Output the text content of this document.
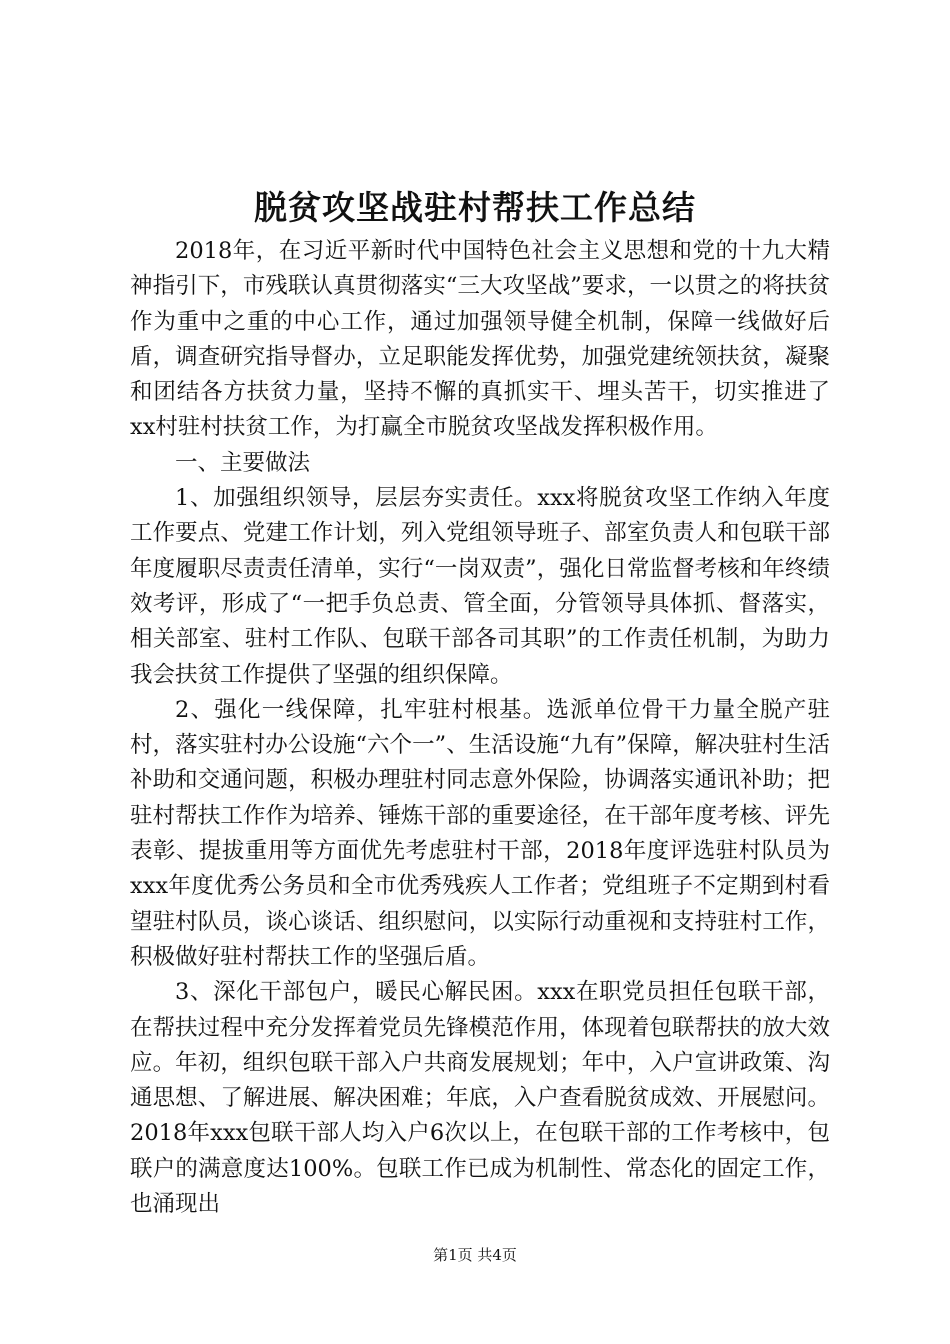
脱贫攻坚战驻村帮扶工作总结

2018年，在习近平新时代中国特色社会主义思想和党的十九大精神指引下，市残联认真贯彻落实“三大攻坚战”要求，一以贯之的将扶贫作为重中之重的中心工作，通过加强领导健全机制，保障一线做好后盾，调查研究指导督办，立足职能发挥优势，加强党建统领扶贫，凝聚和团结各方扶贫力量，坚持不懈的真抓实干、埋头苦干，切实推进了xx村驻村扶贫工作，为打赢全市脱贫攻坚战发挥积极作用。

一、主要做法

1、加强组织领导，层层夯实责任。xxx将脱贫攻坚工作纳入年度工作要点、党建工作计划，列入党组领导班子、部室负责人和包联干部年度履职尽责责任清单，实行“一岗双责”，强化日常监督考核和年终绩效考评，形成了“一把手负总责、管全面，分管领导具体抓、督落实，相关部室、驻村工作队、包联干部各司其职”的工作责任机制，为助力我会扶贫工作提供了坚强的组织保障。

2、强化一线保障，扎牢驻村根基。选派单位骨干力量全脱产驻村，落实驻村办公设施“六个一”、生活设施“九有”保障，解决驻村生活补助和交通问题，积极办理驻村同志意外保险，协调落实通讯补助；把驻村帮扶工作作为培养、锤炼干部的重要途径，在干部年度考核、评先表彰、提拔重用等方面优先考虑驻村干部，2018年度评选驻村队员为xxx年度优秀公务员和全市优秀残疾人工作者；党组班子不定期到村看望驻村队员，谈心谈话、组织慰问，以实际行动重视和支持驻村工作，积极做好驻村帮扶工作的坚强后盾。

3、深化干部包户，暖民心解民困。xxx在职党员担任包联干部，在帮扶过程中充分发挥着党员先锋模范作用，体现着包联帮扶的放大效应。年初，组织包联干部入户共商发展规划；年中，入户宣讲政策、沟通思想、了解进展、解决困难；年底，入户查看脱贫成效、开展慰问。2018年xxx包联干部人均入户6次以上，在包联干部的工作考核中，包联户的满意度达100%。包联工作已成为机制性、常态化的固定工作，也涌现出

第1页 共4页
